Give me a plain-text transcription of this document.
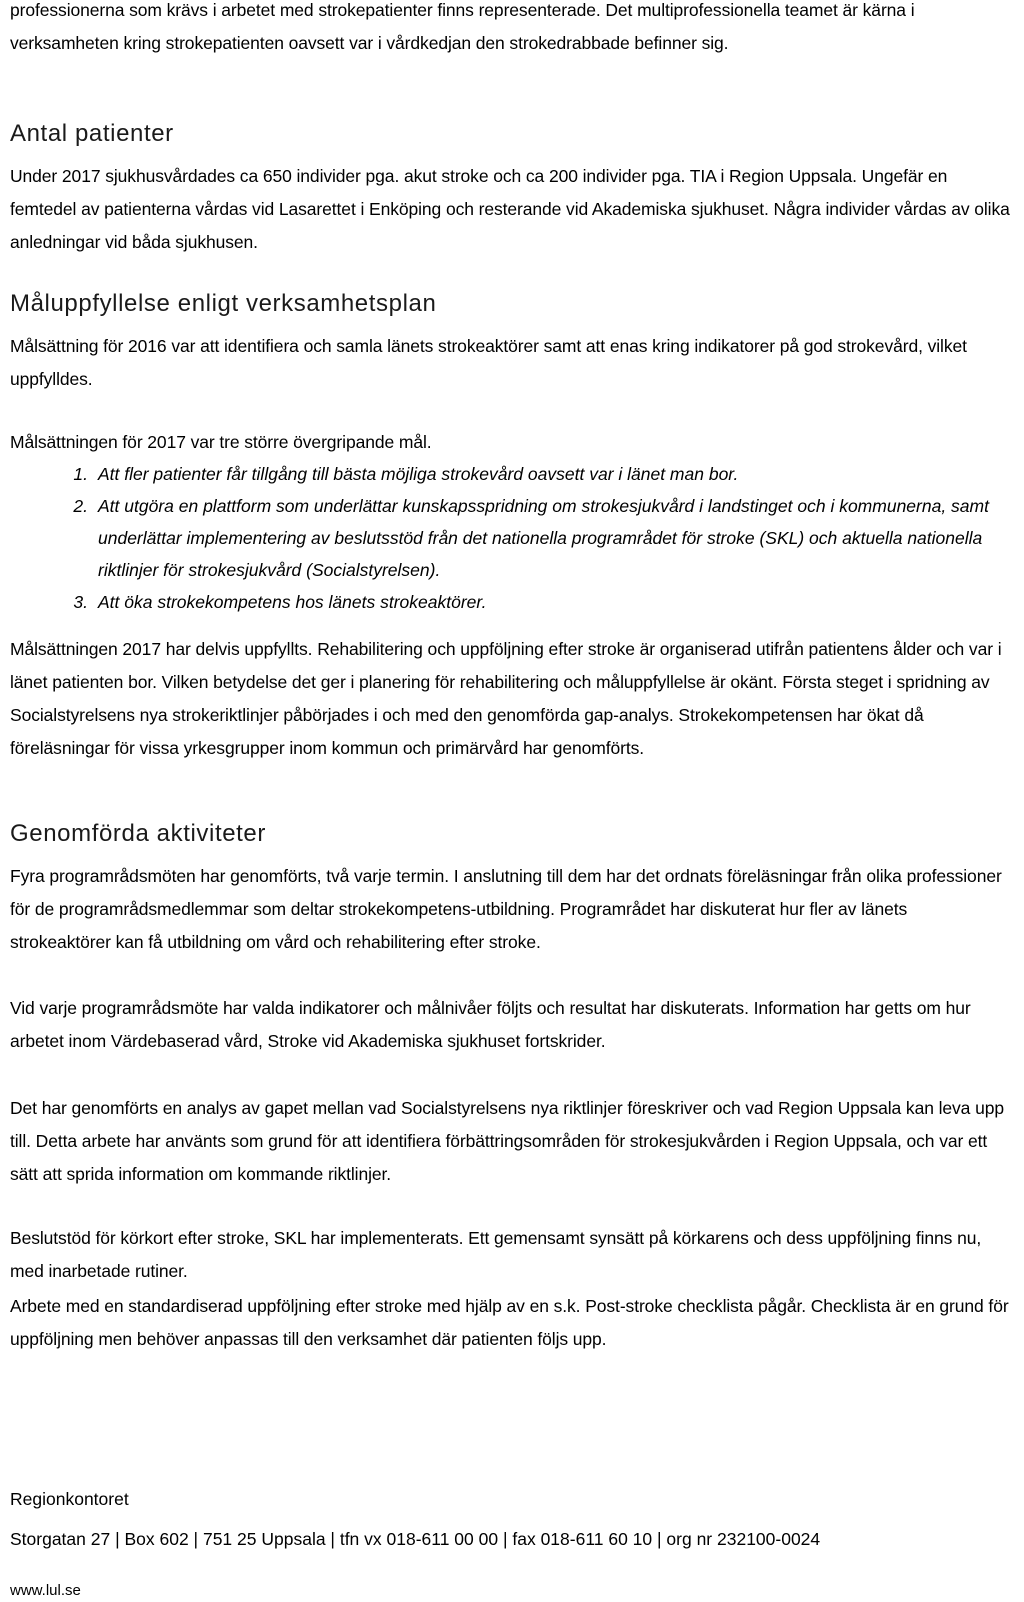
professionerna som krävs i arbetet med strokepatienter finns representerade. Det multiprofessionella teamet är kärna i verksamheten kring strokepatienten oavsett var i vårdkedjan den strokedrabbade befinner sig.

Antal patienter

Under 2017 sjukhusvårdades ca 650 individer pga. akut stroke och ca 200 individer pga. TIA i Region Uppsala. Ungefär en femtedel av patienterna vårdas vid Lasarettet i Enköping och resterande vid Akademiska sjukhuset. Några individer vårdas av olika anledningar vid båda sjukhusen.

Måluppfyllelse enligt verksamhetsplan

Målsättning för 2016 var att identifiera och samla länets strokeaktörer samt att enas kring indikatorer på god strokevård, vilket uppfylldes.

Målsättningen för 2017 var tre större övergripande mål.

1. Att fler patienter får tillgång till bästa möjliga strokevård oavsett var i länet man bor.
2. Att utgöra en plattform som underlättar kunskapsspridning om strokesjukvård i landstinget och i kommunerna, samt underlättar implementering av beslutsstöd från det nationella programrådet för stroke (SKL) och aktuella nationella riktlinjer för strokesjukvård (Socialstyrelsen).
3. Att öka strokekompetens hos länets strokeaktörer.

Målsättningen 2017 har delvis uppfyllts. Rehabilitering och uppföljning efter stroke är organiserad utifrån patientens ålder och var i länet patienten bor. Vilken betydelse det ger i planering för rehabilitering och måluppfyllelse är okänt. Första steget i spridning av Socialstyrelsens nya strokeriktlinjer påbörjades i och med den genomförda gap-analys. Strokekompetensen har ökat då föreläsningar för vissa yrkesgrupper inom kommun och primärvård har genomförts.

Genomförda aktiviteter

Fyra programrådsmöten har genomförts, två varje termin. I anslutning till dem har det ordnats föreläsningar från olika professioner för de programrådsmedlemmar som deltar strokekompetens-utbildning. Programrådet har diskuterat hur fler av länets strokeaktörer kan få utbildning om vård och rehabilitering efter stroke.

Vid varje programrådsmöte har valda indikatorer och målnivåer följts och resultat har diskuterats. Information har getts om hur arbetet inom Värdebaserad vård, Stroke vid Akademiska sjukhuset fortskrider.

Det har genomförts en analys av gapet mellan vad Socialstyrelsens nya riktlinjer föreskriver och vad Region Uppsala kan leva upp till. Detta arbete har använts som grund för att identifiera förbättringsområden för strokesjukvården i Region Uppsala, och var ett sätt att sprida information om kommande riktlinjer.

Beslutstöd för körkort efter stroke, SKL har implementerats. Ett gemensamt synsätt på körkarens och dess uppföljning finns nu, med inarbetade rutiner.

Arbete med en standardiserad uppföljning efter stroke med hjälp av en s.k. Post-stroke checklista pågår. Checklista är en grund för uppföljning men behöver anpassas till den verksamhet där patienten följs upp.

Regionkontoret
Storgatan 27 | Box 602 | 751 25 Uppsala | tfn vx 018-611 00 00 | fax 018-611 60 10 | org nr 232100-0024
www.lul.se
